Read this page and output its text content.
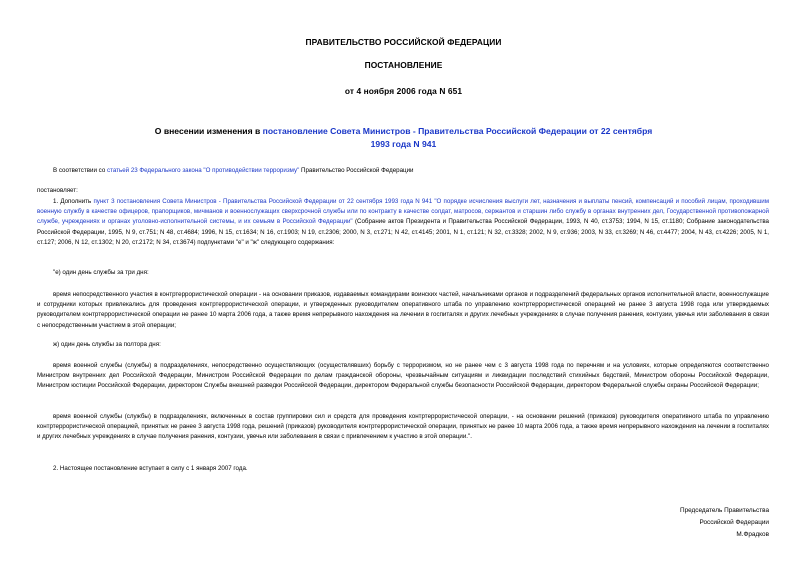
ПРАВИТЕЛЬСТВО РОССИЙСКОЙ ФЕДЕРАЦИИ
ПОСТАНОВЛЕНИЕ
от 4 ноября 2006 года N 651
О внесении изменения в постановление Совета Министров - Правительства Российской Федерации от 22 сентября 1993 года N 941
В соответствии со статьей 23 Федерального закона "О противодействии терроризму" Правительство Российской Федерации
постановляет:
1. Дополнить пункт 3 постановления Совета Министров - Правительства Российской Федерации от 22 сентября 1993 года N 941 "О порядке исчисления выслуги лет, назначения и выплаты пенсий, компенсаций и пособий лицам, проходившим военную службу в качестве офицеров, прапорщиков, мичманов и военнослужащих сверхсрочной службы или по контракту в качестве солдат, матросов, сержантов и старшин либо службу в органах внутренних дел, Государственной противопожарной службе, учреждениях и органах уголовно-исполнительной системы, и их семьям в Российской Федерации" (Собрание актов Президента и Правительства Российской Федерации, 1993, N 40, ст.3753; 1994, N 15, ст.1180; Собрание законодательства Российской Федерации, 1995, N 9, ст.751; N 48, ст.4684; 1996, N 15, ст.1634; N 16, ст.1903; N 19, ст.2306; 2000, N 3, ст.271; N 42, ст.4145; 2001, N 1, ст.121; N 32, ст.3328; 2002, N 9, ст.936; 2003, N 33, ст.3269; N 46, ст.4477; 2004, N 43, ст.4226; 2005, N 1, ст.127; 2006, N 12, ст.1302; N 20, ст.2172; N 34, ст.3674) подпунктами "е" и "ж" следующего содержания:
"е) один день службы за три дня:
время непосредственного участия в контртеррористической операции - на основании приказов, издаваемых командирами воинских частей, начальниками органов и подразделений федеральных органов исполнительной власти, военнослужащие и сотрудники которых привлекались для проведения контртеррористической операции, и утвержденных руководителем оперативного штаба по управлению контртеррористической операцией не ранее 3 августа 1998 года или утверждаемых руководителем контртеррористической операции не ранее 10 марта 2006 года, а также время непрерывного нахождения на лечении в госпиталях и других лечебных учреждениях в случае получения ранения, контузии, увечья или заболевания в связи с непосредственным участием в этой операции;
ж) один день службы за полтора дня:
время военной службы (службы) в подразделениях, непосредственно осуществляющих (осуществлявших) борьбу с терроризмом, но не ранее чем с 3 августа 1998 года по перечням и на условиях, которые определяются соответственно Министром внутренних дел Российской Федерации, Министром Российской Федерации по делам гражданской обороны, чрезвычайным ситуациям и ликвидации последствий стихийных бедствий, Министром обороны Российской Федерации, Министром юстиции Российской Федерации, директором Службы внешней разведки Российской Федерации, директором Федеральной службы безопасности Российской Федерации, директором Федеральной службы охраны Российской Федерации;
время военной службы (службы) в подразделениях, включенных в состав группировки сил и средств для проведения контртеррористической операции, - на основании решений (приказов) руководителя оперативного штаба по управлению контртеррористической операцией, принятых не ранее 3 августа 1998 года, решений (приказов) руководителя контртеррористической операции, принятых не ранее 10 марта 2006 года, а также время непрерывного нахождения на лечении в госпиталях и других лечебных учреждениях в случае получения ранения, контузии, увечья или заболевания в связи с привлечением к участию в этой операции.".
2. Настоящее постановление вступает в силу с 1 января 2007 года.
Председатель Правительства
Российской Федерации
М.Фрадков
